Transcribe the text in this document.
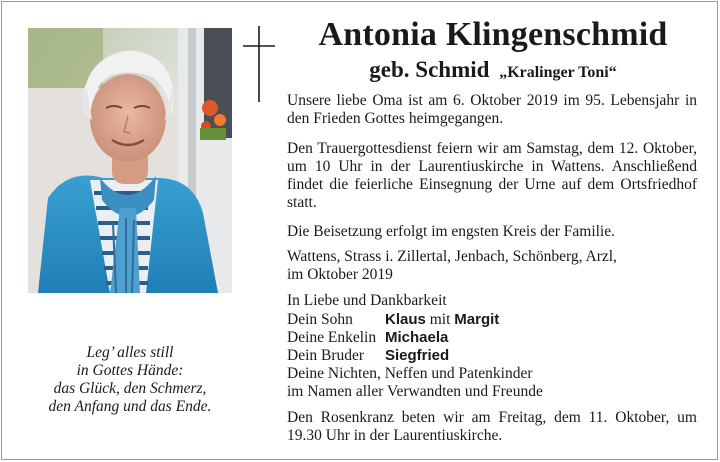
Antonia Klingenschmid
geb. Schmid „Kralinger Toni“
Unsere liebe Oma ist am 6. Oktober 2019 im 95. Lebensjahr in den Frieden Gottes heimgegangen.
Den Trauergottesdienst feiern wir am Samstag, dem 12. Oktober, um 10 Uhr in der Laurentiuskirche in Wattens. Anschließend findet die feierliche Einsegnung der Urne auf dem Ortsfriedhof statt.
Die Beisetzung erfolgt im engsten Kreis der Familie.
Wattens, Strass i. Zillertal, Jenbach, Schönberg, Arzl,
im Oktober 2019
In Liebe und Dankbarkeit
Dein Sohn	Klaus mit Margit
Deine Enkelin Michaela
Dein Bruder	Siegfried
Deine Nichten, Neffen und Patenkinder
im Namen aller Verwandten und Freunde
Den Rosenkranz beten wir am Freitag, dem 11. Oktober, um 19.30 Uhr in der Laurentiuskirche.
Leg’ alles still
in Gottes Hände:
das Glück, den Schmerz,
den Anfang und das Ende.
